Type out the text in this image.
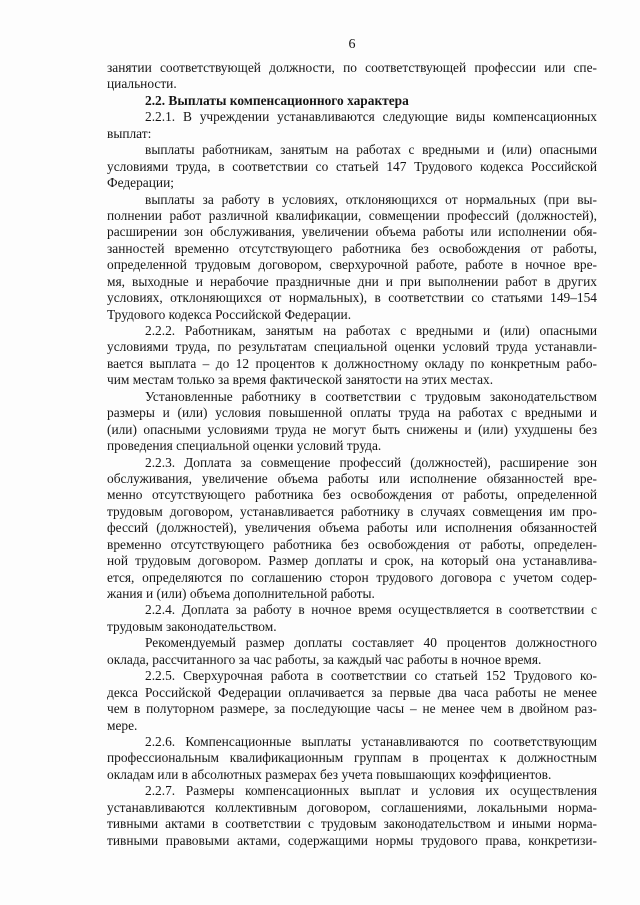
6
занятии соответствующей должности, по соответствующей профессии или спе-
циальности.
2.2. Выплаты компенсационного характера
2.2.1. В учреждении устанавливаются следующие виды компенсационных
выплат:
выплаты работникам, занятым на работах с вредными и (или) опасными
условиями труда, в соответствии со статьей 147 Трудового кодекса Российской
Федерации;
выплаты за работу в условиях, отклоняющихся от нормальных (при вы-
полнении работ различной квалификации, совмещении профессий (должностей),
расширении зон обслуживания, увеличении объема работы или исполнении обя-
занностей временно отсутствующего работника без освобождения от работы,
определенной трудовым договором, сверхурочной работе, работе в ночное вре-
мя, выходные и нерабочие праздничные дни и при выполнении работ в других
условиях, отклоняющихся от нормальных), в соответствии со статьями 149–154
Трудового кодекса Российской Федерации.
2.2.2. Работникам, занятым на работах с вредными и (или) опасными
условиями труда, по результатам специальной оценки условий труда устанавли-
вается выплата – до 12 процентов к должностному окладу по конкретным рабо-
чим местам только за время фактической занятости на этих местах.
Установленные работнику в соответствии с трудовым законодательством
размеры и (или) условия повышенной оплаты труда на работах с вредными и
(или) опасными условиями труда не могут быть снижены и (или) ухудшены без
проведения специальной оценки условий труда.
2.2.3. Доплата за совмещение профессий (должностей), расширение зон
обслуживания, увеличение объема работы или исполнение обязанностей вре-
менно отсутствующего работника без освобождения от работы, определенной
трудовым договором, устанавливается работнику в случаях совмещения им про-
фессий (должностей), увеличения объема работы или исполнения обязанностей
временно отсутствующего работника без освобождения от работы, определен-
ной трудовым договором. Размер доплаты и срок, на который она устанавлива-
ется, определяются по соглашению сторон трудового договора с учетом содер-
жания и (или) объема дополнительной работы.
2.2.4. Доплата за работу в ночное время осуществляется в соответствии с
трудовым законодательством.
Рекомендуемый размер доплаты составляет 40 процентов должностного
оклада, рассчитанного за час работы, за каждый час работы в ночное время.
2.2.5. Сверхурочная работа в соответствии со статьей 152 Трудового ко-
декса Российской Федерации оплачивается за первые два часа работы не менее
чем в полуторном размере, за последующие часы – не менее чем в двойном раз-
мере.
2.2.6. Компенсационные выплаты устанавливаются по соответствующим
профессиональным квалификационным группам в процентах к должностным
окладам или в абсолютных размерах без учета повышающих коэффициентов.
2.2.7. Размеры компенсационных выплат и условия их осуществления
устанавливаются коллективным договором, соглашениями, локальными норма-
тивными актами в соответствии с трудовым законодательством и иными норма-
тивными правовыми актами, содержащими нормы трудового права, конкретизи-
